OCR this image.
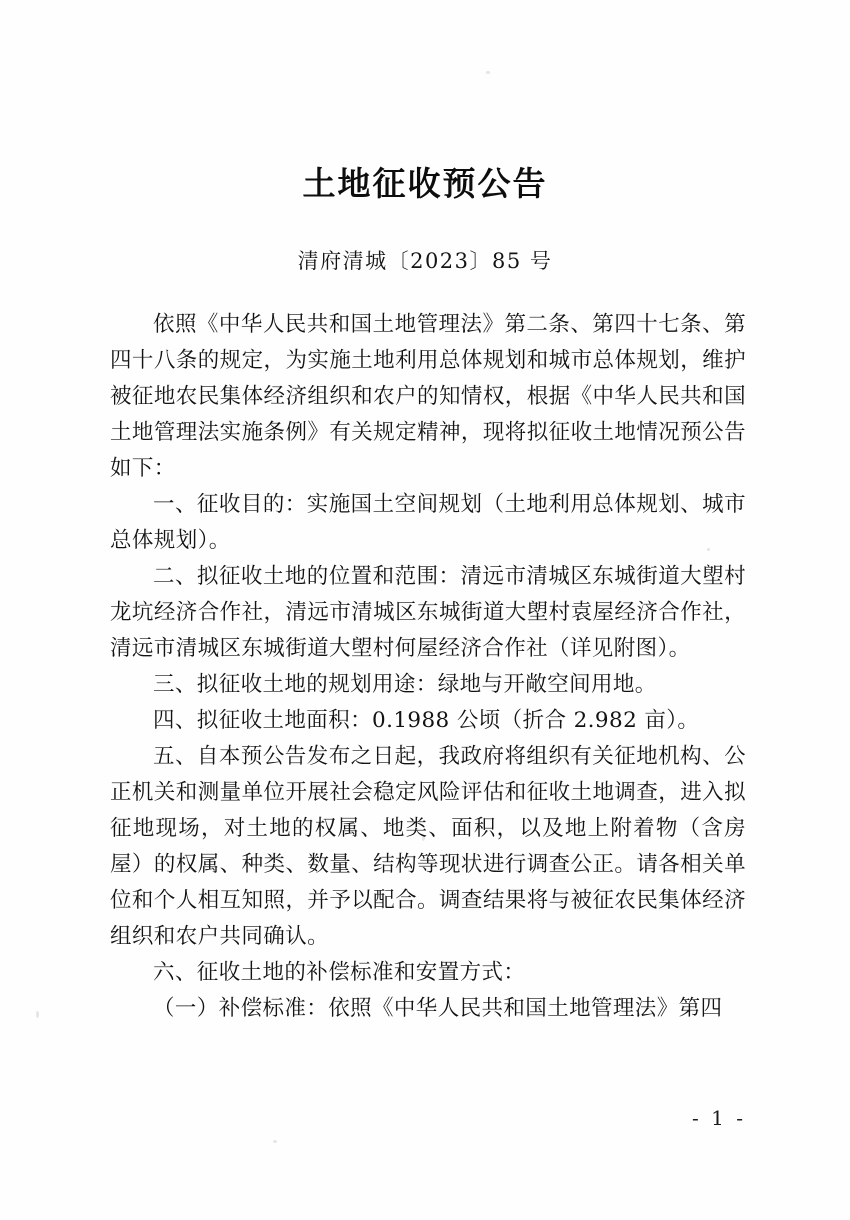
土地征收预公告
清府清城〔2023〕85 号

依照《中华人民共和国土地管理法》第二条、第四十七条、第四十八条的规定，为实施土地利用总体规划和城市总体规划，维护被征地农民集体经济组织和农户的知情权，根据《中华人民共和国土地管理法实施条例》有关规定精神，现将拟征收土地情况预公告如下：

一、征收目的：实施国土空间规划（土地利用总体规划、城市总体规划）。

二、拟征收土地的位置和范围：清远市清城区东城街道大塱村龙坑经济合作社，清远市清城区东城街道大塱村袁屋经济合作社，清远市清城区东城街道大塱村何屋经济合作社（详见附图）。

三、拟征收土地的规划用途：绿地与开敞空间用地。

四、拟征收土地面积：0.1988 公顷（折合 2.982 亩）。

五、自本预公告发布之日起，我政府将组织有关征地机构、公正机关和测量单位开展社会稳定风险评估和征收土地调查，进入拟征地现场，对土地的权属、地类、面积，以及地上附着物（含房屋）的权属、种类、数量、结构等现状进行调查公正。请各相关单位和个人相互知照，并予以配合。调查结果将与被征农民集体经济组织和农户共同确认。

六、征收土地的补偿标准和安置方式：

（一）补偿标准：依照《中华人民共和国土地管理法》第四

- 1 -
